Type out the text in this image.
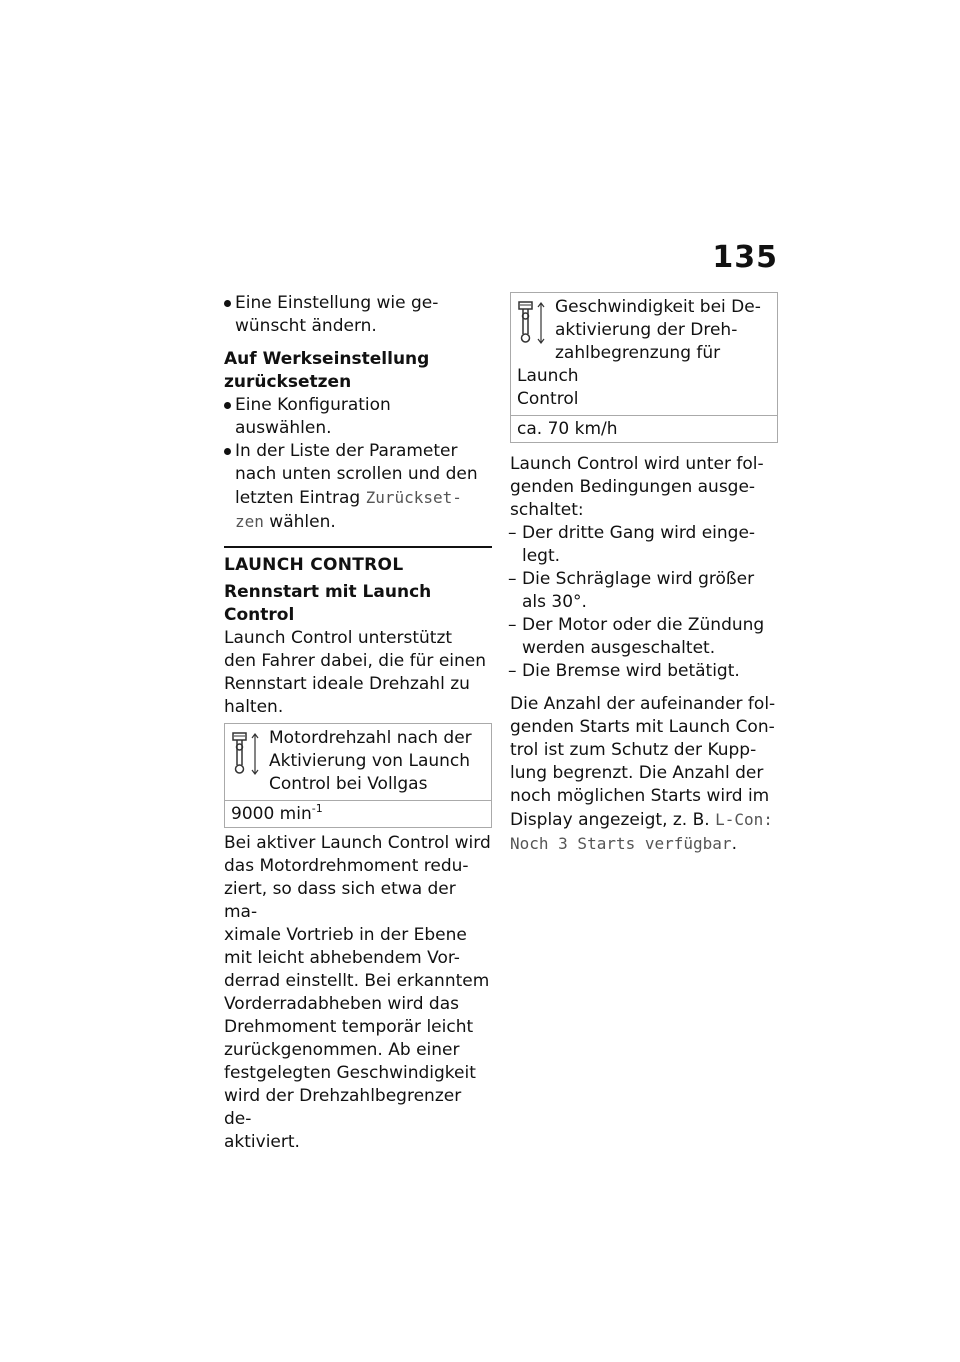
135
Eine Einstellung wie ge-
wünscht ändern.
Auf Werkseinstellung
zurücksetzen
Eine Konfiguration auswählen.
In der Liste der Parameter
nach unten scrollen und den
letzten Eintrag Zurückset-
zen wählen.
LAUNCH CONTROL
Rennstart mit Launch Control
Launch Control unterstützt
den Fahrer dabei, die für einen
Rennstart ideale Drehzahl zu
halten.
Motordrehzahl nach der
Aktivierung von Launch
Control bei Vollgas
9000 $\min^{-1}$
Bei aktiver Launch Control wird
das Motordrehmoment redu-
ziert, so dass sich etwa der ma-
ximale Vortrieb in der Ebene
mit leicht abhebendem Vor-
derrad einstellt. Bei erkanntem
Vorderradabheben wird das
Drehmoment temporär leicht
zurückgenommen. Ab einer
festgelegten Geschwindigkeit
wird der Drehzahlbegrenzer de-
aktiviert.
Geschwindigkeit bei De-
aktivierung der Dreh-
zahlbegrenzung für Launch
Control
ca. 70 km/h
Launch Control wird unter fol-
genden Bedingungen ausge-
schaltet:
– Der dritte Gang wird einge-
legt.
– Die Schräglage wird größer
als 30°.
– Der Motor oder die Zündung
werden ausgeschaltet.
– Die Bremse wird betätigt.
Die Anzahl der aufeinander fol-
genden Starts mit Launch Con-
trol ist zum Schutz der Kupp-
lung begrenzt. Die Anzahl der
noch möglichen Starts wird im
Display angezeigt, z. B. L-Con:
Noch 3 Starts verfügbar.
